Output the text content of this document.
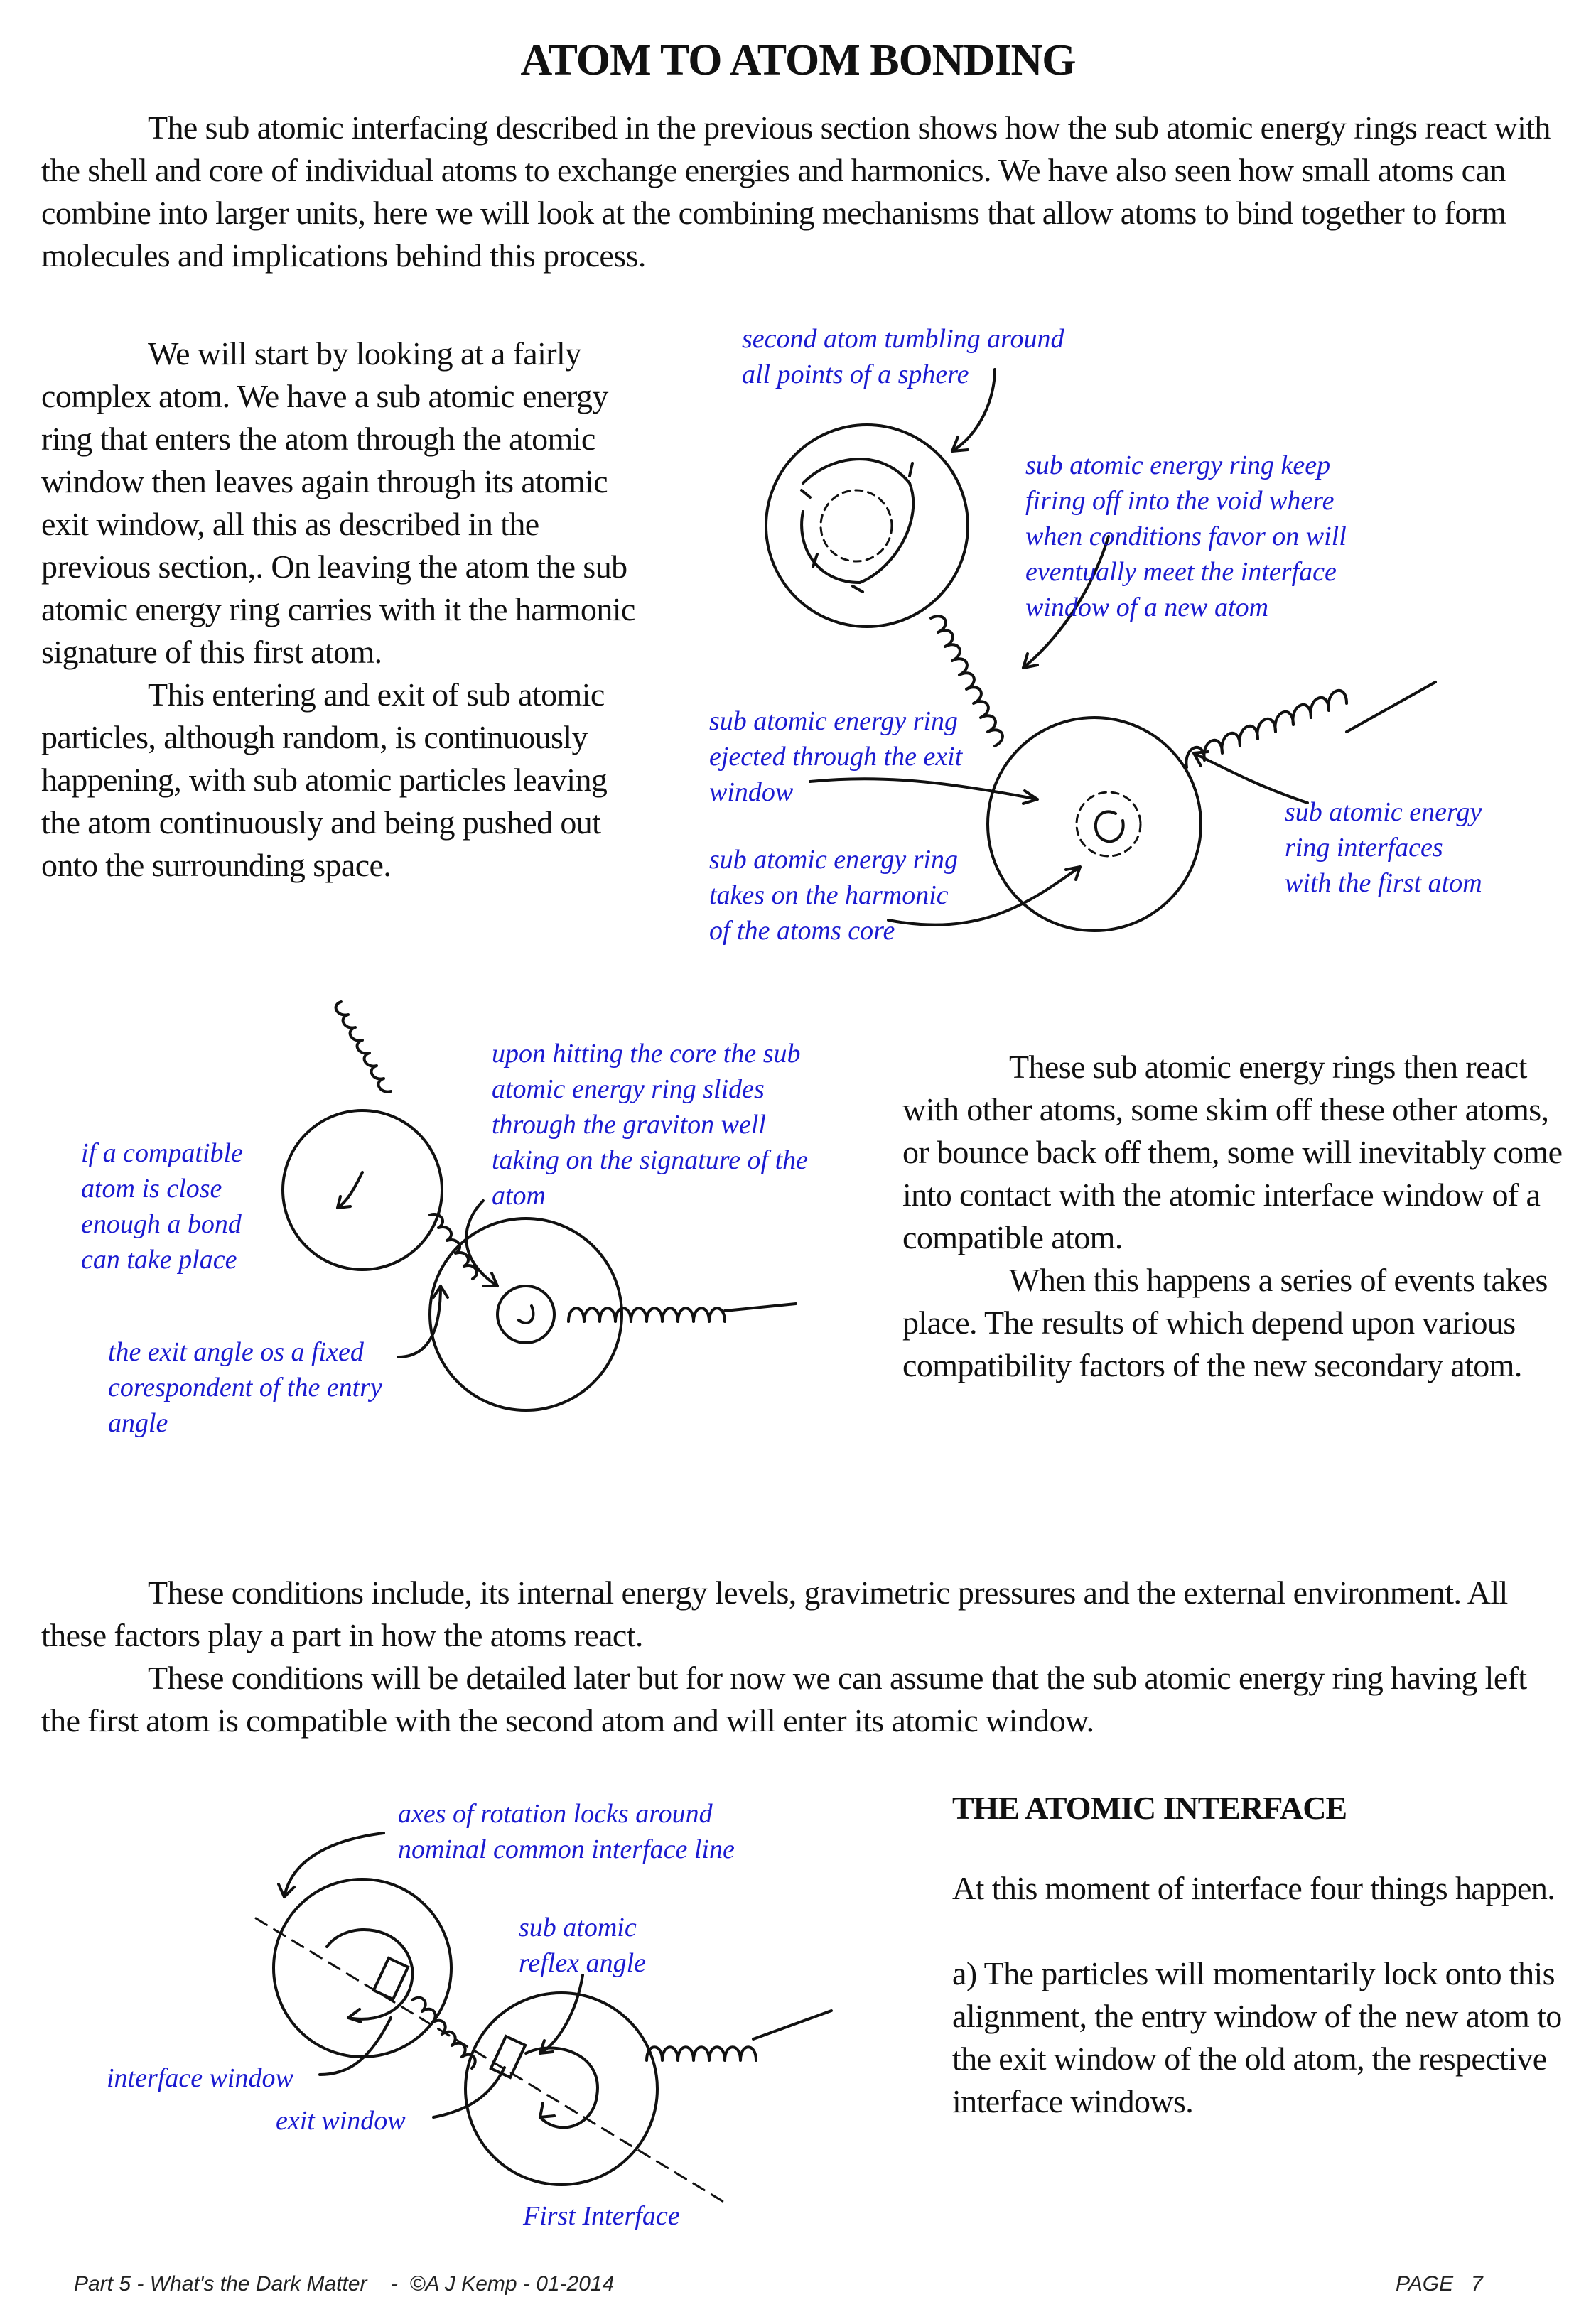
ATOM TO ATOM BONDING

The sub atomic interfacing described in the previous section shows how the sub atomic energy rings react with the shell and core of individual atoms to exchange energies and harmonics. We have also seen how small atoms can combine into larger units, here we will look at the combining mechanisms that allow atoms to bind together to form molecules and implications behind this process.

We will start by looking at a fairly complex atom. We have a sub atomic energy ring that enters the atom through the atomic window then leaves again through its atomic exit window, all this as described in the previous section,. On leaving the atom the sub atomic energy ring carries with it the harmonic signature of this first atom.

This entering and exit of sub atomic particles, although random, is continuously happening, with sub atomic particles leaving the atom continuously and being pushed out onto the surrounding space.

second atom tumbling around
all points of a sphere
sub atomic energy ring keep
firing off into the void where
when conditions favor on will
eventually meet the interface
window of a new atom
sub atomic energy ring
ejected through the exit
window
sub atomic energy ring
takes on the harmonic
of the atoms core
sub atomic energy
ring interfaces
with the first atom
if a compatible
atom is close
enough a bond
can take place
upon hitting the core the sub
atomic energy ring slides
through the graviton well
taking on the signature of the
atom
the exit angle os a fixed
corespondent of the entry
angle

These sub atomic energy rings then react with other atoms, some skim off these other atoms, or bounce back off them, some will inevitably come into contact with the atomic interface window of a compatible atom.

When this happens a series of events takes place. The results of which depend upon various compatibility factors of the new secondary atom.

These conditions include, its internal energy levels, gravimetric pressures and the external environment. All these factors play a part in how the atoms react.

These conditions will be detailed later but for now we can assume that the sub atomic energy ring having left the first atom is compatible with the second atom and will enter its atomic window.

axes of rotation locks around
nominal common interface line
sub atomic
reflex angle
interface window
exit window
First Interface
THE ATOMIC INTERFACE

At this moment of interface four things happen.

a) The particles will momentarily lock onto this alignment, the entry window of the new atom to the exit window of the old atom, the respective interface windows.

Part 5 - What's the Dark Matter    -  ©A J Kemp - 01-2014	PAGE   7
